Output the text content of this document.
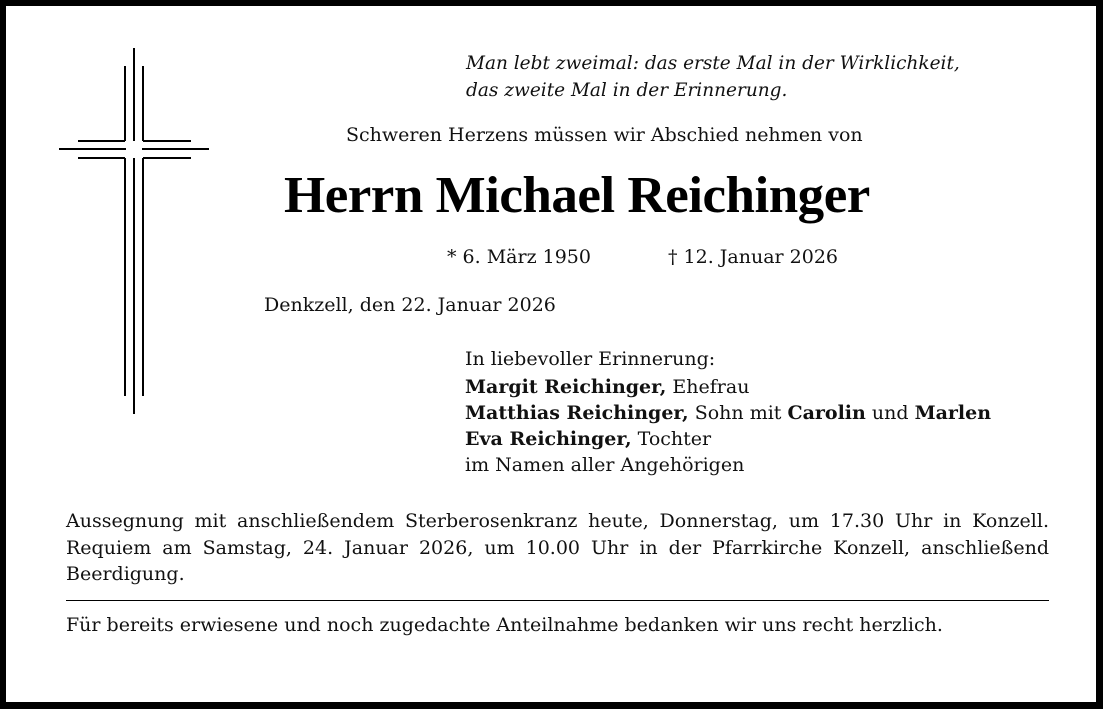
Man lebt zweimal: das erste Mal in der Wirklichkeit,
das zweite Mal in der Erinnerung.
Schweren Herzens müssen wir Abschied nehmen von
Herrn Michael Reichinger
* 6. März 1950	† 12. Januar 2026
Denkzell, den 22. Januar 2026
In liebevoller Erinnerung:
Margit Reichinger, Ehefrau
Matthias Reichinger, Sohn mit Carolin und Marlen
Eva Reichinger, Tochter
im Namen aller Angehörigen
Aussegnung mit anschließendem Sterberosenkranz heute, Donnerstag, um 17.30 Uhr in Konzell. Requiem am Samstag, 24. Januar 2026, um 10.00 Uhr in der Pfarrkirche Konzell, anschließend Beerdigung.
Für bereits erwiesene und noch zugedachte Anteilnahme bedanken wir uns recht herzlich.
